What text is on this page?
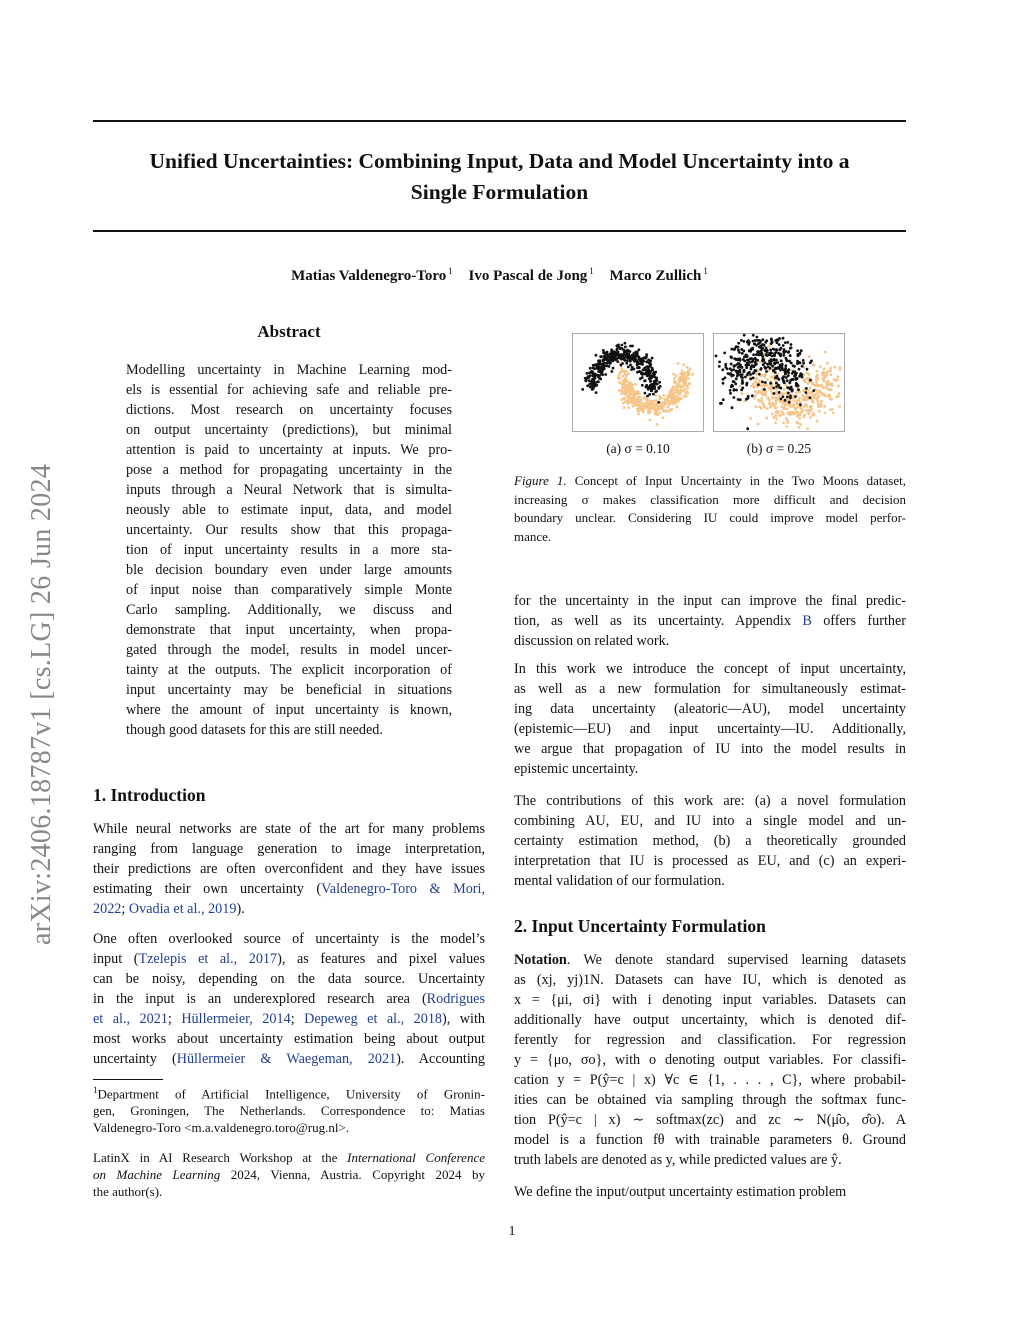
arXiv:2406.18787v1 [cs.LG] 26 Jun 2024
Unified Uncertainties: Combining Input, Data and Model Uncertainty into a
Single Formulation
Matias Valdenegro-Toro $^1$ Ivo Pascal de Jong $^1$ Marco Zullich $^1$
Abstract
Modelling uncertainty in Machine Learning mod-
els is essential for achieving safe and reliable pre-
dictions. Most research on uncertainty focuses
on output uncertainty (predictions), but minimal
attention is paid to uncertainty at inputs. We pro-
pose a method for propagating uncertainty in the
inputs through a Neural Network that is simulta-
neously able to estimate input, data, and model
uncertainty. Our results show that this propaga-
tion of input uncertainty results in a more sta-
ble decision boundary even under large amounts
of input noise than comparatively simple Monte
Carlo sampling. Additionally, we discuss and
demonstrate that input uncertainty, when propa-
gated through the model, results in model uncer-
tainty at the outputs. The explicit incorporation of
input uncertainty may be beneficial in situations
where the amount of input uncertainty is known,
though good datasets for this are still needed.
1. Introduction
$^1$Department of Artificial Intelligence, University of Gronin-
gen, Groningen, The Netherlands. Correspondence to: Matias
Valdenegro-Toro <m.a.valdenegro.toro@rug.nl>.
LatinX in AI Research Workshop at the International Conference
on Machine Learning 2024, Vienna, Austria. Copyright 2024 by
the author(s).
(a) σ = 0.10	(b) σ = 0.25
Figure 1. Concept of Input Uncertainty in the Two Moons dataset,
increasing σ makes classification more difficult and decision
boundary unclear. Considering IU could improve model perfor-
mance.
for the uncertainty in the input can improve the final predic-
tion, as well as its uncertainty. Appendix B offers further
discussion on related work.
In this work we introduce the concept of input uncertainty,
as well as a new formulation for simultaneously estimat-
ing data uncertainty (aleatoric—AU), model uncertainty
(epistemic—EU) and input uncertainty—IU. Additionally,
we argue that propagation of IU into the model results in
epistemic uncertainty.
The contributions of this work are: (a) a novel formulation
combining AU, EU, and IU into a single model and un-
certainty estimation method, (b) a theoretically grounded
interpretation that IU is processed as EU, and (c) an experi-
mental validation of our formulation.
2. Input Uncertainty Formulation
Notation. We denote standard supervised learning datasets
as (xj, yj)1N. Datasets can have IU, which is denoted as
x = {μi, σi} with i denoting input variables. Datasets can
additionally have output uncertainty, which is denoted dif-
ferently for regression and classification. For regression
y = {μo, σo}, with o denoting output variables. For classifi-
cation y = P(ŷ=c | x) ∀c ∈ {1, . . . , C}, where probabil-
ities can be obtained via sampling through the softmax func-
tion P(ŷ=c | x) ∼ softmax(zc) and zc ∼ N(μ̂o, σ̂o). A
model is a function fθ with trainable parameters θ. Ground
truth labels are denoted as y, while predicted values are ŷ.
We define the input/output uncertainty estimation problem
1
One often overlooked source of uncertainty is the model’s
input (Tzelepis et al., 2017), as features and pixel values
can be noisy, depending on the data source. Uncertainty
in the input is an underexplored research area (Rodrigues
et al., 2021; Hüllermeier, 2014; Depeweg et al., 2018), with
most works about uncertainty estimation being about output
uncertainty (Hüllermeier & Waegeman, 2021). Accounting
While neural networks are state of the art for many problems
ranging from language generation to image interpretation,
their predictions are often overconfident and they have issues
estimating their own uncertainty (Valdenegro-Toro & Mori,
2022; Ovadia et al., 2019).
